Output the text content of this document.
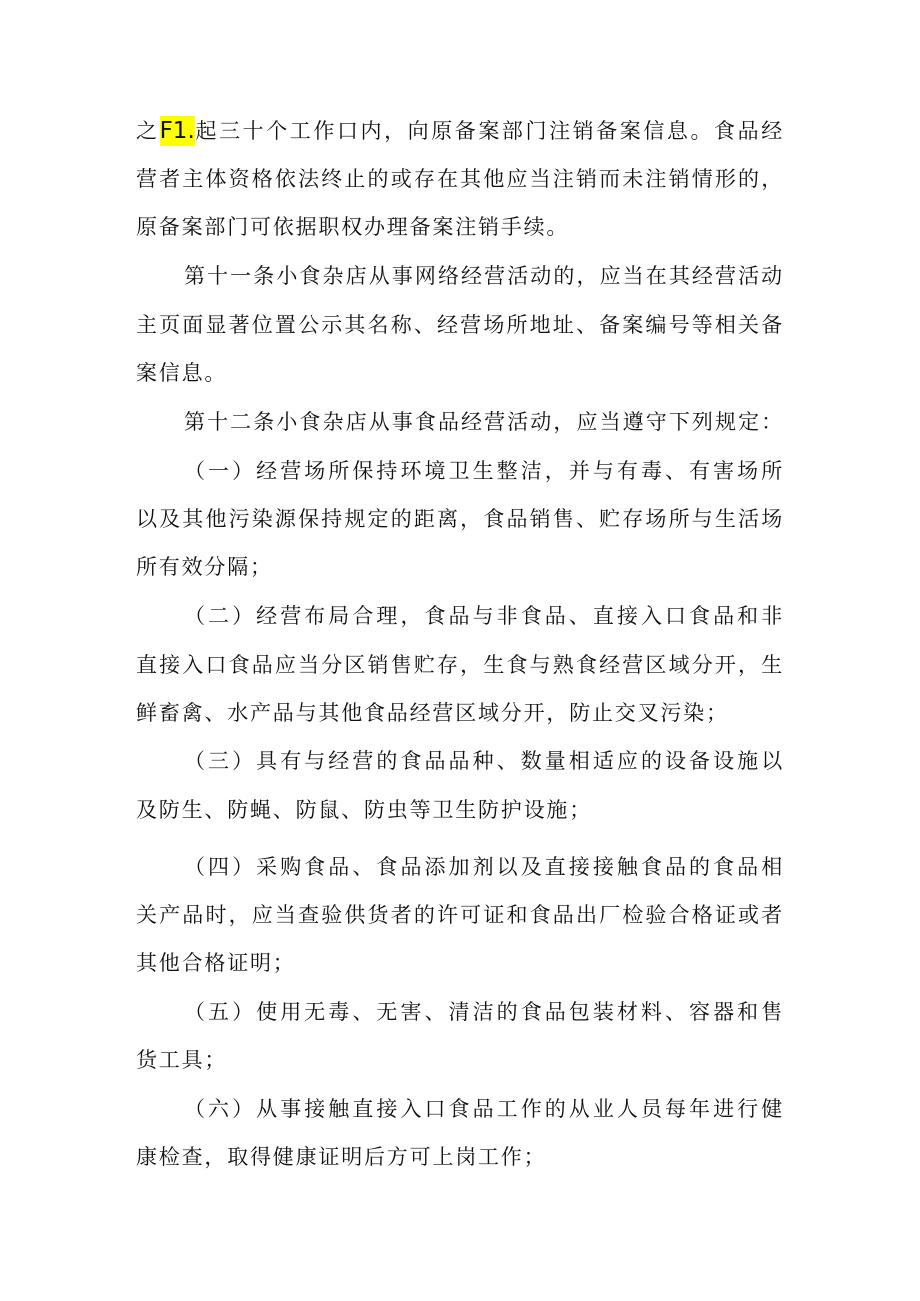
之F1.起三十个工作口内，向原备案部门注销备案信息。食品经
营者主体资格依法终止的或存在其他应当注销而未注销情形的，
原备案部门可依据职权办理备案注销手续。
第十一条小食杂店从事网络经营活动的，应当在其经营活动
主页面显著位置公示其名称、经营场所地址、备案编号等相关备
案信息。
第十二条小食杂店从事食品经营活动，应当遵守下列规定：
（一）经营场所保持环境卫生整洁，并与有毒、有害场所
以及其他污染源保持规定的距离，食品销售、贮存场所与生活场
所有效分隔；
（二）经营布局合理，食品与非食品、直接入口食品和非
直接入口食品应当分区销售贮存，生食与熟食经营区域分开，生
鲜畜禽、水产品与其他食品经营区域分开，防止交叉污染；
（三）具有与经营的食品品种、数量相适应的设备设施以
及防生、防蝇、防鼠、防虫等卫生防护设施；
（四）采购食品、食品添加剂以及直接接触食品的食品相
关产品时，应当查验供货者的许可证和食品出厂检验合格证或者
其他合格证明；
（五）使用无毒、无害、清洁的食品包装材料、容器和售
货工具；
（六）从事接触直接入口食品工作的从业人员每年进行健
康检查，取得健康证明后方可上岗工作；
